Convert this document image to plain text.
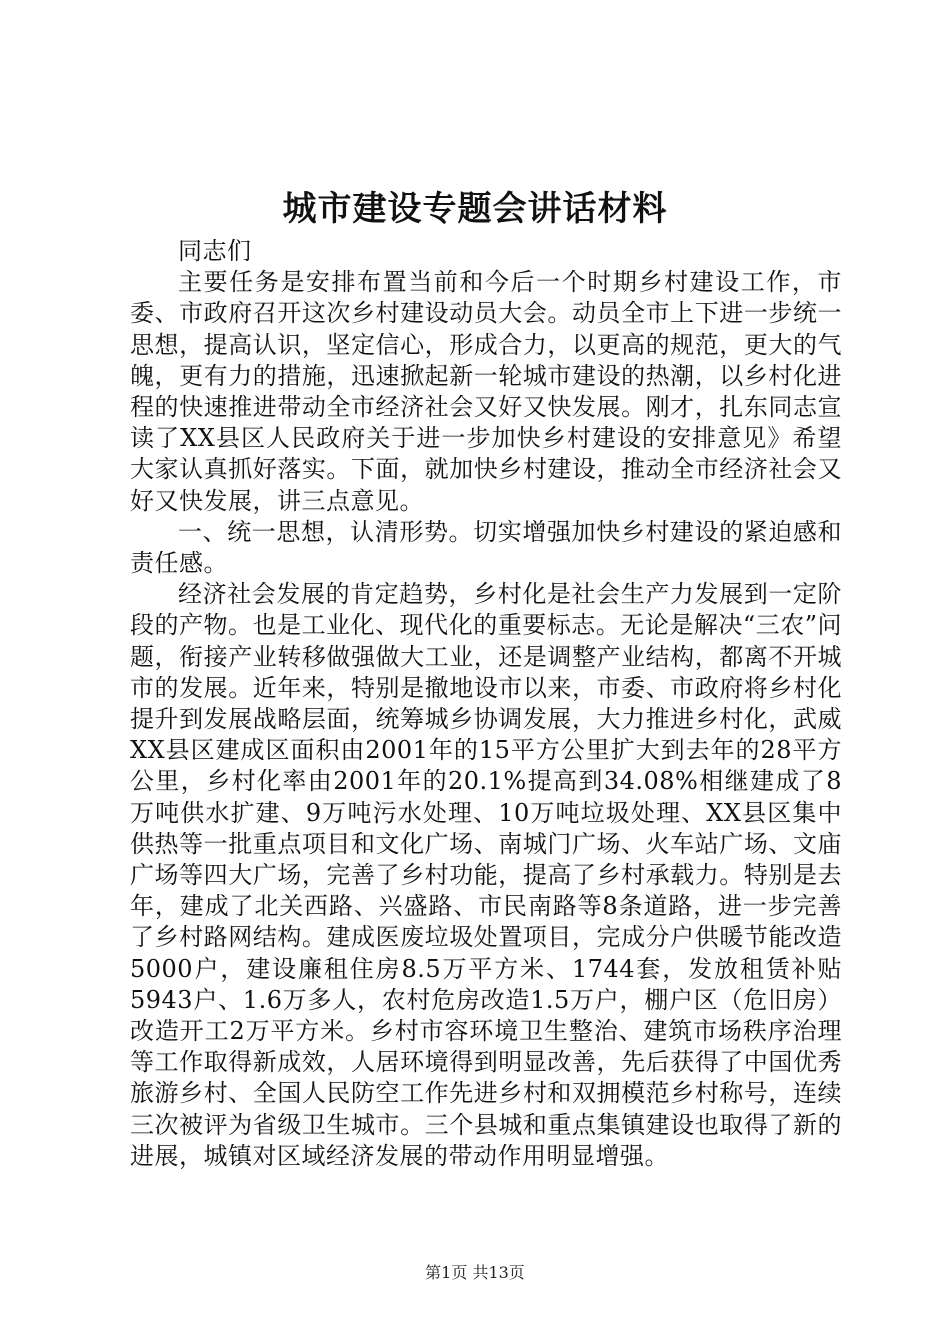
城市建设专题会讲话材料

同志们

主要任务是安排布置当前和今后一个时期乡村建设工作，市委、市政府召开这次乡村建设动员大会。动员全市上下进一步统一思想，提高认识，坚定信心，形成合力，以更高的规范，更大的气魄，更有力的措施，迅速掀起新一轮城市建设的热潮，以乡村化进程的快速推进带动全市经济社会又好又快发展。刚才，扎东同志宣读了XX县区人民政府关于进一步加快乡村建设的安排意见》希望大家认真抓好落实。下面，就加快乡村建设，推动全市经济社会又好又快发展，讲三点意见。

一、统一思想，认清形势。切实增强加快乡村建设的紧迫感和责任感。

经济社会发展的肯定趋势，乡村化是社会生产力发展到一定阶段的产物。也是工业化、现代化的重要标志。无论是解决“三农”问题，衔接产业转移做强做大工业，还是调整产业结构，都离不开城市的发展。近年来，特别是撤地设市以来，市委、市政府将乡村化提升到发展战略层面，统筹城乡协调发展，大力推进乡村化，武威XX县区建成区面积由2001年的15平方公里扩大到去年的28平方公里，乡村化率由2001年的20.1%提高到34.08%相继建成了8万吨供水扩建、9万吨污水处理、10万吨垃圾处理、XX县区集中供热等一批重点项目和文化广场、南城门广场、火车站广场、文庙广场等四大广场，完善了乡村功能，提高了乡村承载力。特别是去年，建成了北关西路、兴盛路、市民南路等8条道路，进一步完善了乡村路网结构。建成医废垃圾处置项目，完成分户供暖节能改造5000户，建设廉租住房8.5万平方米、1744套，发放租赁补贴5943户、1.6万多人，农村危房改造1.5万户，棚户区（危旧房）改造开工2万平方米。乡村市容环境卫生整治、建筑市场秩序治理等工作取得新成效，人居环境得到明显改善，先后获得了中国优秀旅游乡村、全国人民防空工作先进乡村和双拥模范乡村称号，连续三次被评为省级卫生城市。三个县城和重点集镇建设也取得了新的进展，城镇对区域经济发展的带动作用明显增强。

第1页 共13页
